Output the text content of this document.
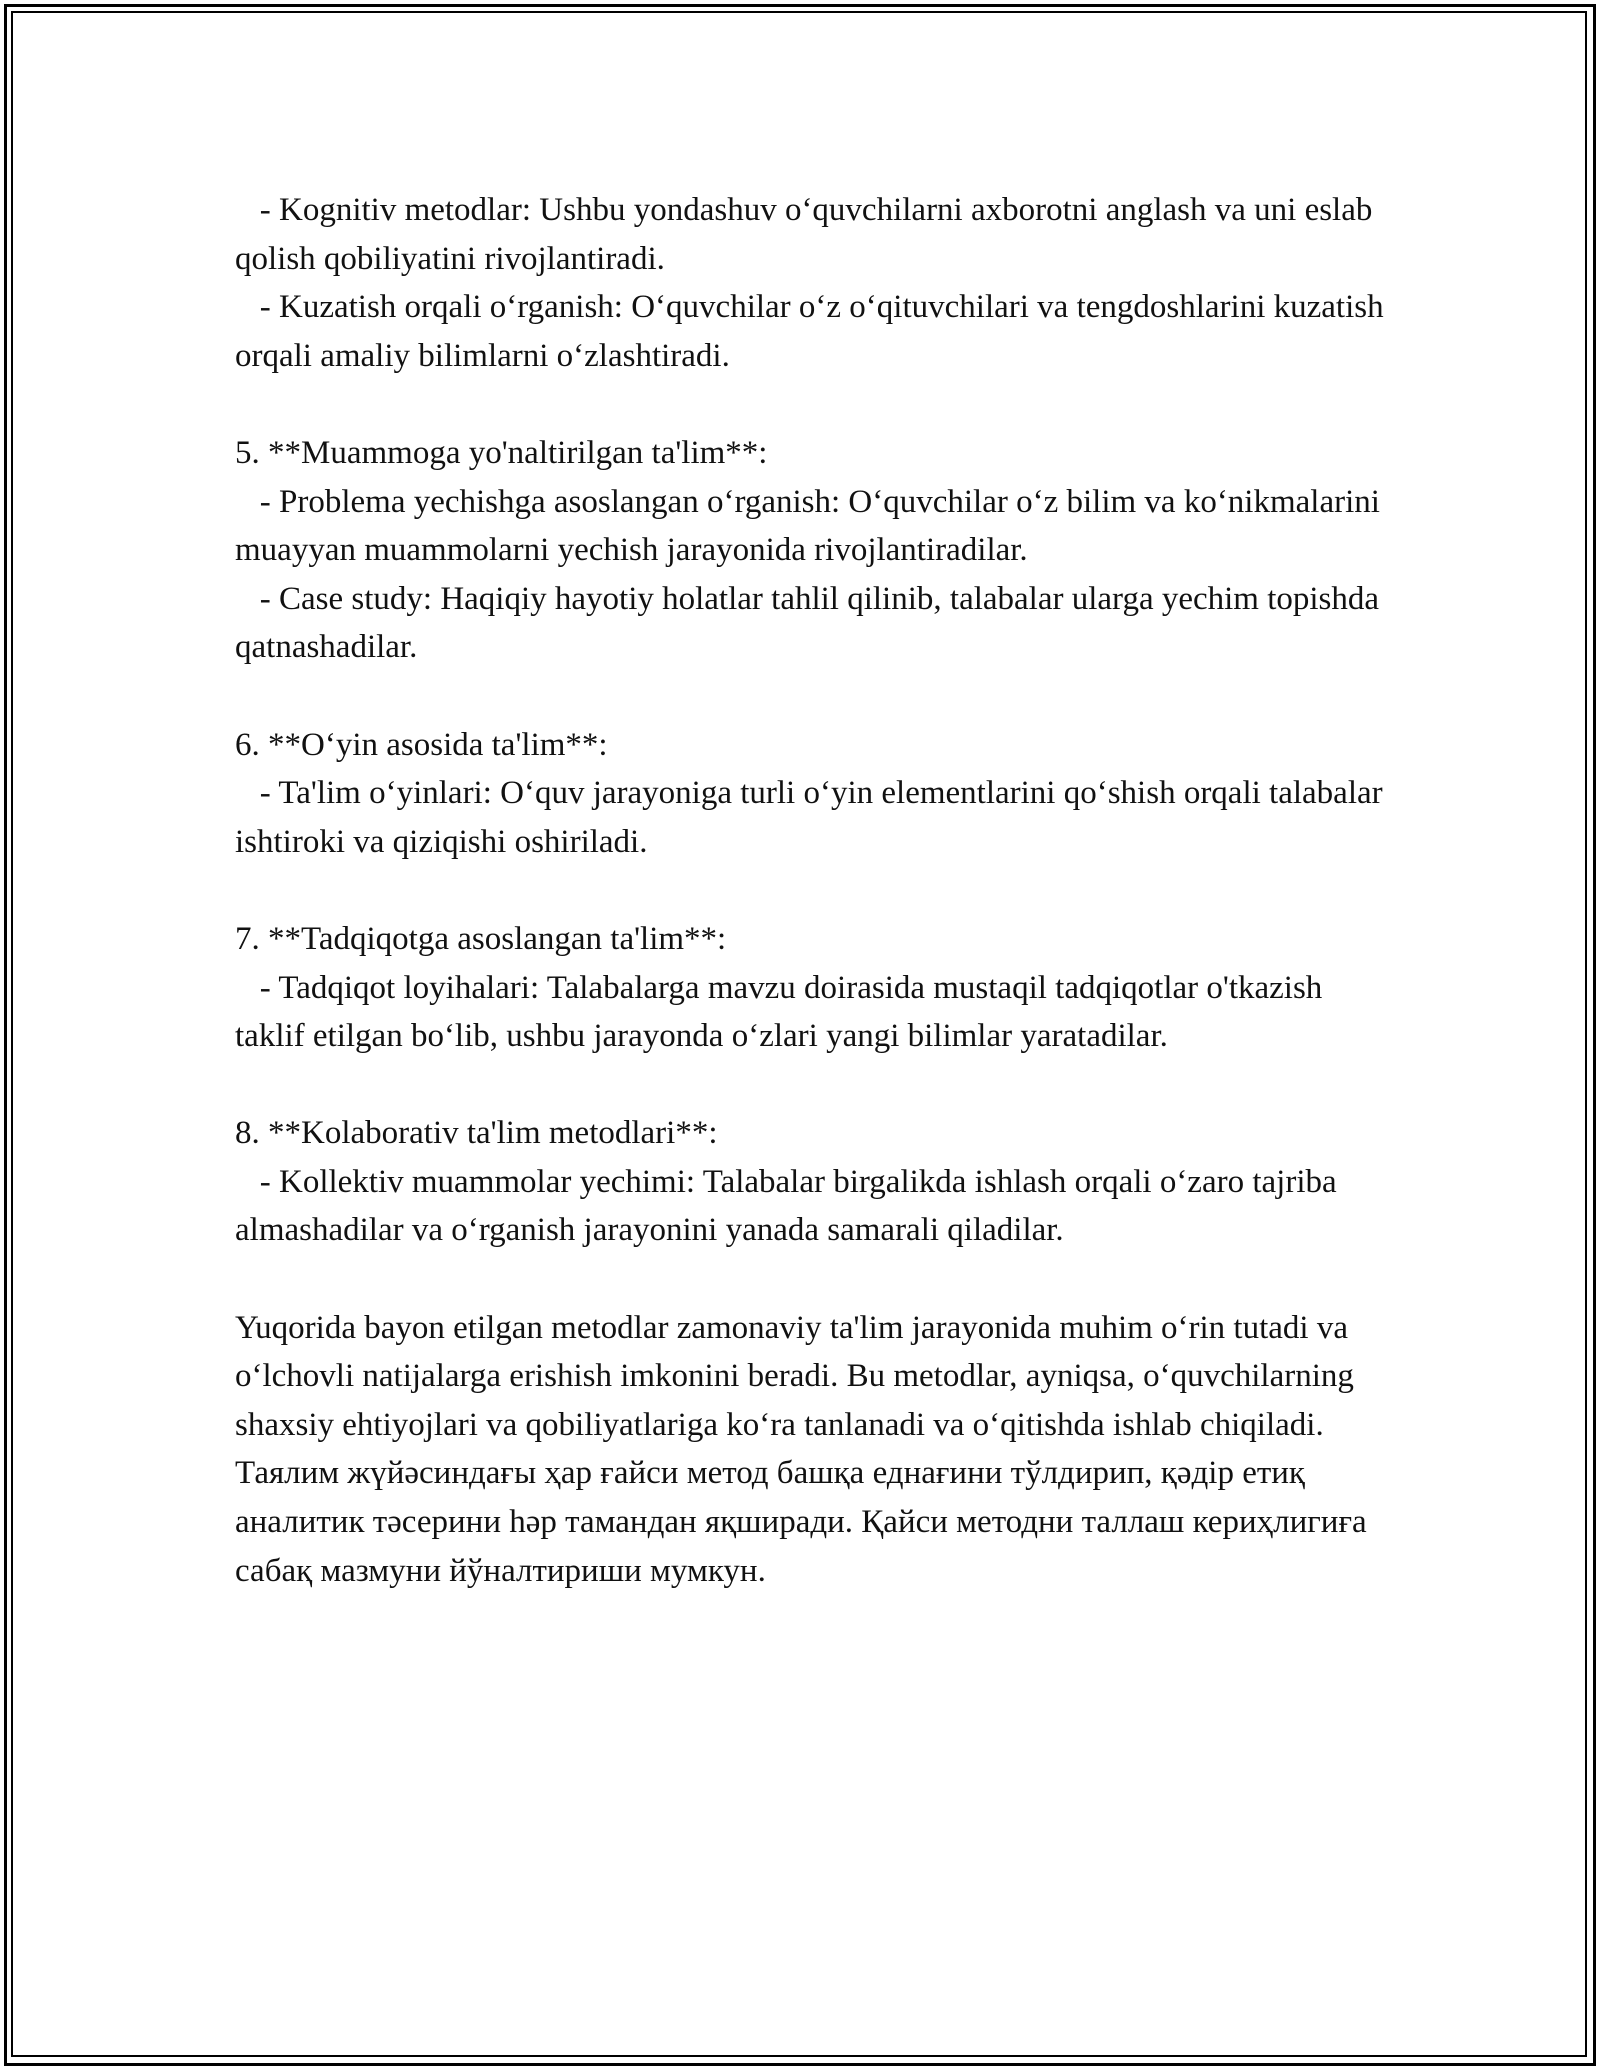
- Kognitiv metodlar: Ushbu yondashuv o‘quvchilarni axborotni anglash va uni eslab qolish qobiliyatini rivojlantiradi.

- Kuzatish orqali o‘rganish: O‘quvchilar o‘z o‘qituvchilari va tengdoshlarini kuzatish orqali amaliy bilimlarni o‘zlashtiradi.

5. **Muammoga yo'naltirilgan ta'lim**:

- Problema yechishga asoslangan o‘rganish: O‘quvchilar o‘z bilim va ko‘nikmalarini muayyan muammolarni yechish jarayonida rivojlantiradilar.

- Case study: Haqiqiy hayotiy holatlar tahlil qilinib, talabalar ularga yechim topishda qatnashadilar.

6. **O‘yin asosida ta'lim**:

- Ta'lim o‘yinlari: O‘quv jarayoniga turli o‘yin elementlarini qo‘shish orqali talabalar ishtiroki va qiziqishi oshiriladi.

7. **Tadqiqotga asoslangan ta'lim**:

- Tadqiqot loyihalari: Talabalarga mavzu doirasida mustaqil tadqiqotlar o'tkazish taklif etilgan bo‘lib, ushbu jarayonda o‘zlari yangi bilimlar yaratadilar.

8. **Kolaborativ ta'lim metodlari**:

- Kollektiv muammolar yechimi: Talabalar birgalikda ishlash orqali o‘zaro tajriba almashadilar va o‘rganish jarayonini yanada samarali qiladilar.

Yuqorida bayon etilgan metodlar zamonaviy ta'lim jarayonida muhim o‘rin tutadi va o‘lchovli natijalarga erishish imkonini beradi. Bu metodlar, ayniqsa, o‘quvchilarning shaxsiy ehtiyojlari va qobiliyatlariga ko‘ra tanlanadi va o‘qitishda ishlab chiqiladi. Таялим жүйәсиндағы ҳар ғайси метод башқа еднағини тўлдирип, қәдір етиқ аналитик тәсерини һәр тамандан яқширади. Қайси методни таллаш кериҳлигиға сабақ мазмуни йўналтириши мумкун.
